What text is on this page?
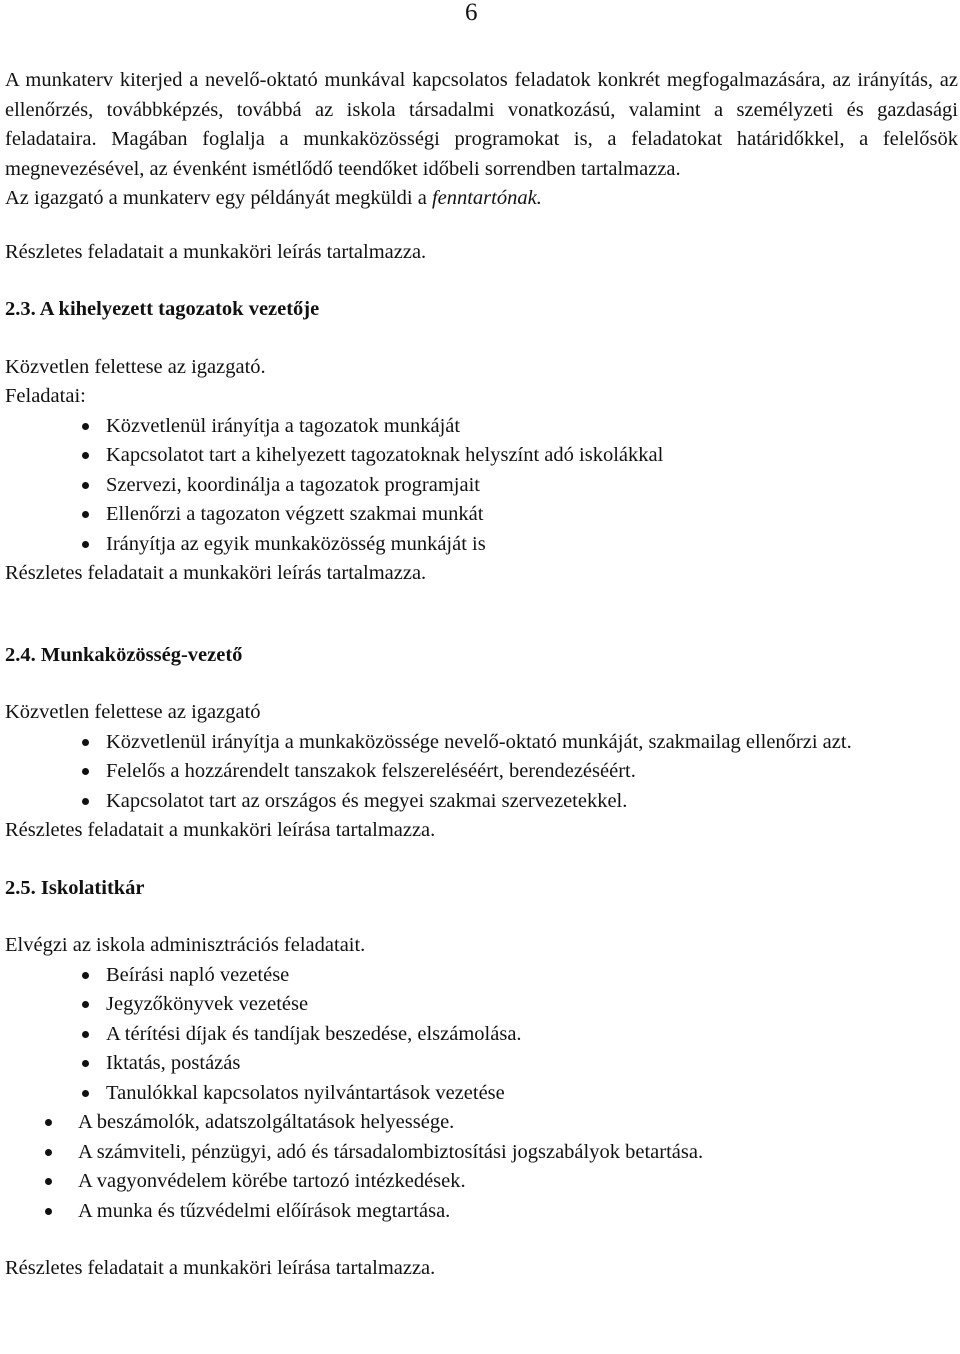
6

A munkaterv kiterjed a nevelő-oktató munkával kapcsolatos feladatok konkrét megfogalmazására, az irányítás, az ellenőrzés, továbbképzés, továbbá az iskola társadalmi vonatkozású, valamint a személyzeti és gazdasági feladataira. Magában foglalja a munkaközösségi programokat is, a feladatokat határidőkkel, a felelősök megnevezésével, az évenként ismétlődő teendőket időbeli sorrendben tartalmazza.

Az igazgató a munkaterv egy példányát megküldi a fenntartónak.

Részletes feladatait a munkaköri leírás tartalmazza.

2.3. A kihelyezett tagozatok vezetője

Közvetlen felettese az igazgató.

Feladatai:

Közvetlenül irányítja a tagozatok munkáját
Kapcsolatot tart a kihelyezett tagozatoknak helyszínt adó iskolákkal
Szervezi, koordinálja a tagozatok programjait
Ellenőrzi a tagozaton végzett szakmai munkát
Irányítja az egyik munkaközösség munkáját is

Részletes feladatait a munkaköri leírás tartalmazza.

2.4. Munkaközösség-vezető

Közvetlen felettese az igazgató

Közvetlenül irányítja a munkaközössége nevelő-oktató munkáját, szakmailag ellenőrzi azt.
Felelős a hozzárendelt tanszakok felszereléséért, berendezéséért.
Kapcsolatot tart az országos és megyei szakmai szervezetekkel.

Részletes feladatait a munkaköri leírása tartalmazza.

2.5. Iskolatitkár

Elvégzi az iskola adminisztrációs feladatait.

Beírási napló vezetése
Jegyzőkönyvek vezetése
A térítési díjak és tandíjak beszedése, elszámolása.
Iktatás, postázás
Tanulókkal kapcsolatos nyilvántartások vezetése
A beszámolók, adatszolgáltatások helyessége.
A számviteli, pénzügyi, adó és társadalombiztosítási jogszabályok betartása.
A vagyonvédelem körébe tartozó intézkedések.
A munka és tűzvédelmi előírások megtartása.

Részletes feladatait a munkaköri leírása tartalmazza.
